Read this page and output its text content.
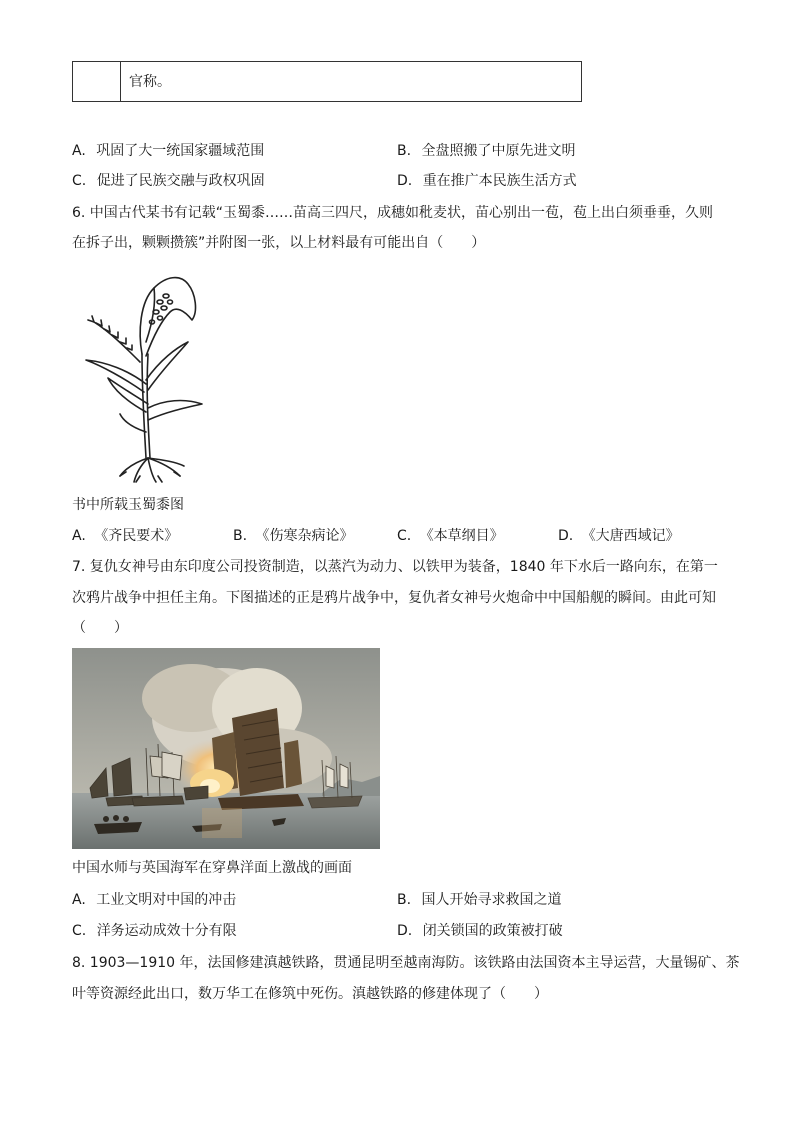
官称。
A. 巩固了大一统国家疆域范围	B. 全盘照搬了中原先进文明
C. 促进了民族交融与政权巩固	D. 重在推广本民族生活方式
6. 中国古代某书有记载“玉蜀黍……苗高三四尺，成穗如秕麦状，苗心别出一苞，苞上出白须垂垂，久则
在拆子出，颗颗攒簇”并附图一张，以上材料最有可能出自（　　）
书中所载玉蜀黍图
A. 《齐民要术》	B. 《伤寒杂病论》	C. 《本草纲目》	D. 《大唐西域记》
7. 复仇女神号由东印度公司投资制造，以蒸汽为动力、以铁甲为装备，1840 年下水后一路向东，在第一
次鸦片战争中担任主角。下图描述的正是鸦片战争中，复仇者女神号火炮命中中国船舰的瞬间。由此可知
（　　）
中国水师与英国海军在穿鼻洋面上激战的画面
A. 工业文明对中国的冲击	B. 国人开始寻求救国之道
C. 洋务运动成效十分有限	D. 闭关锁国的政策被打破
8. 1903—1910 年，法国修建滇越铁路，贯通昆明至越南海防。该铁路由法国资本主导运营，大量锡矿、茶
叶等资源经此出口，数万华工在修筑中死伤。滇越铁路的修建体现了（　　）
